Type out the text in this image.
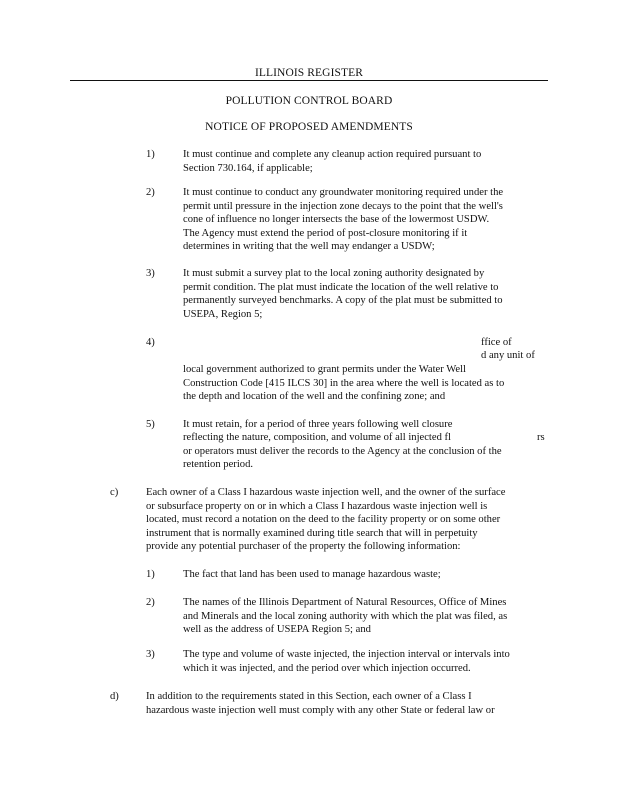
ILLINOIS REGISTER
POLLUTION CONTROL BOARD
NOTICE OF PROPOSED AMENDMENTS
1)	It must continue and complete any cleanup action required pursuant to
Section 730.164, if applicable;
2)	It must continue to conduct any groundwater monitoring required under the
permit until pressure in the injection zone decays to the point that the well's
cone of influence no longer intersects the base of the lowermost USDW.
The Agency must extend the period of post-closure monitoring if it
determines in writing that the well may endanger a USDW;
3)	It must submit a survey plat to the local zoning authority designated by
permit condition. The plat must indicate the location of the well relative to
permanently surveyed benchmarks. A copy of the plat must be submitted to
USEPA, Region 5;
4)	ffice of
d any unit of
local government authorized to grant permits under the Water Well
Construction Code [415 ILCS 30] in the area where the well is located as to
the depth and location of the well and the confining zone; and
5)	It must retain, for a period of three years following well closure
reflecting the nature, composition, and volume of all injected fl
or operators must deliver the records to the Agency at the conclusion of the
retention period.
rs
c)	Each owner of a Class I hazardous waste injection well, and the owner of the surface
or subsurface property on or in which a Class I hazardous waste injection well is
located, must record a notation on the deed to the facility property or on some other
instrument that is normally examined during title search that will in perpetuity
provide any potential purchaser of the property the following information:
1)	The fact that land has been used to manage hazardous waste;
2)	The names of the Illinois Department of Natural Resources, Office of Mines
and Minerals and the local zoning authority with which the plat was filed, as
well as the address of USEPA Region 5; and
3)	The type and volume of waste injected, the injection interval or intervals into
which it was injected, and the period over which injection occurred.
d)	In addition to the requirements stated in this Section, each owner of a Class I
hazardous waste injection well must comply with any other State or federal law or
